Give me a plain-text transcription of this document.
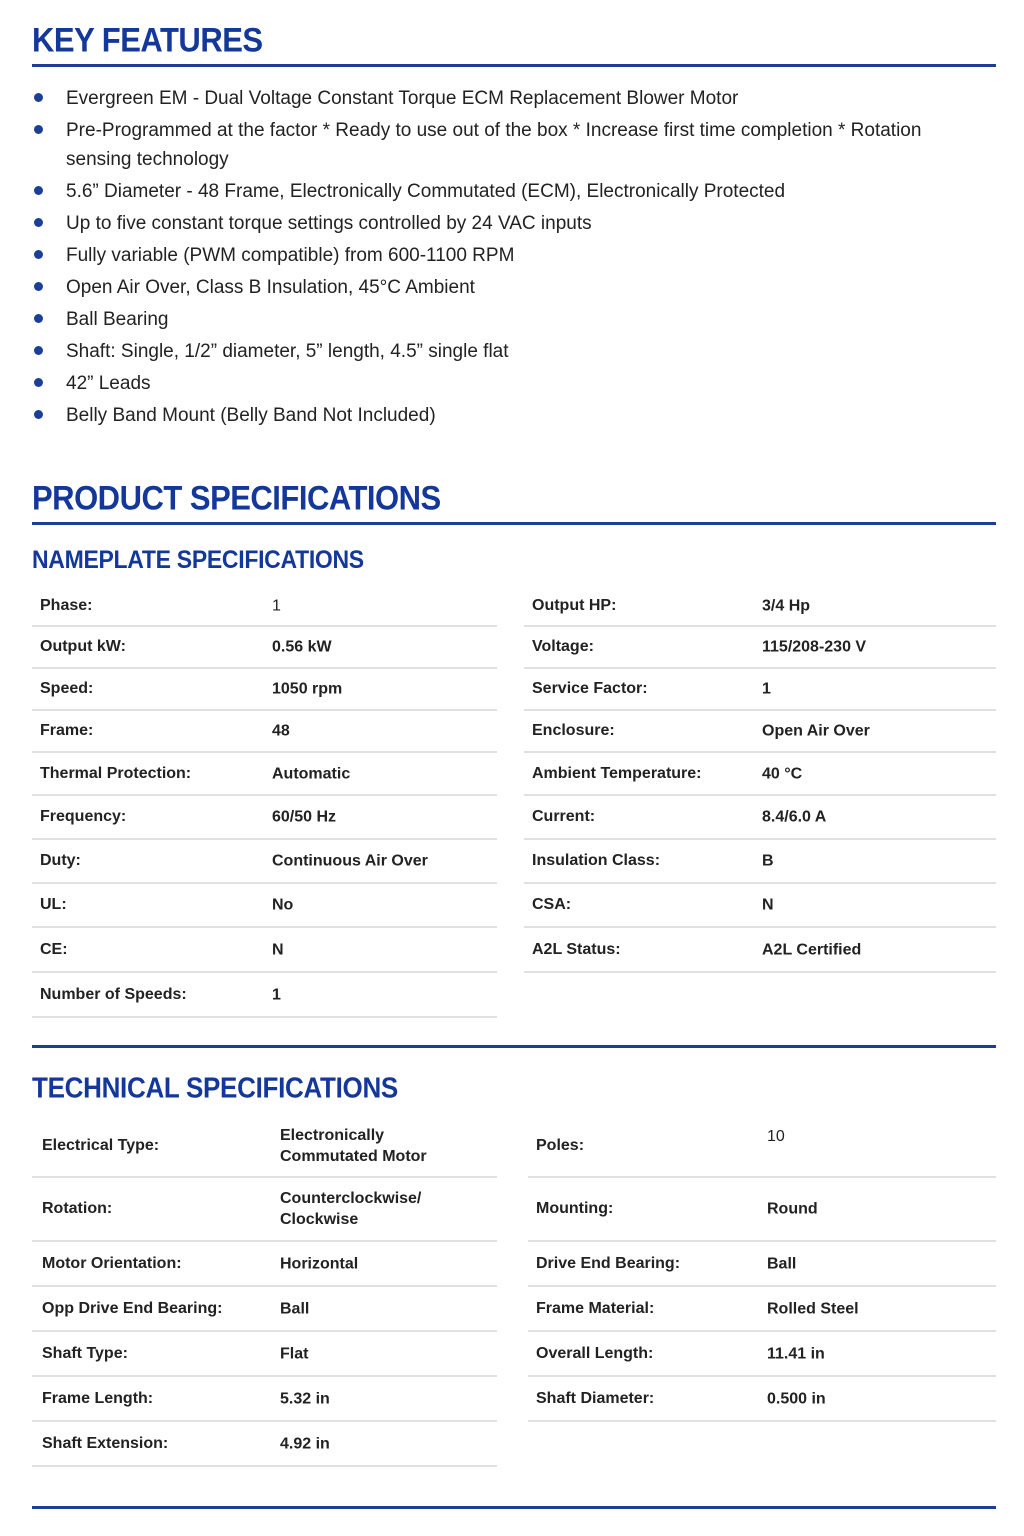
KEY FEATURES
Evergreen EM - Dual Voltage Constant Torque ECM Replacement Blower Motor
Pre-Programmed at the factor * Ready to use out of the box * Increase first time completion * Rotation sensing technology
5.6” Diameter - 48 Frame, Electronically Commutated (ECM), Electronically Protected
Up to five constant torque settings controlled by 24 VAC inputs
Fully variable (PWM compatible) from 600-1100 RPM
Open Air Over, Class B Insulation, 45°C Ambient
Ball Bearing
Shaft: Single, 1/2” diameter, 5” length, 4.5” single flat
42” Leads
Belly Band Mount (Belly Band Not Included)
PRODUCT SPECIFICATIONS
NAMEPLATE SPECIFICATIONS
Phase:	1
Output kW:	0.56 kW
Speed:	1050 rpm
Frame:	48
Thermal Protection:	Automatic
Frequency:	60/50 Hz
Duty:	Continuous Air Over
UL:	No
CE:	N
Number of Speeds:	1
Output HP:	3/4 Hp
Voltage:	115/208-230 V
Service Factor:	1
Enclosure:	Open Air Over
Ambient Temperature:	40 °C
Current:	8.4/6.0 A
Insulation Class:	B
CSA:	N
A2L Status:	A2L Certified
TECHNICAL SPECIFICATIONS
Electrical Type:
Electronically
Commutated Motor
Rotation:
Counterclockwise/
Clockwise
Motor Orientation:	Horizontal
Opp Drive End Bearing:	Ball
Shaft Type:	Flat
Frame Length:	5.32 in
Shaft Extension:	4.92 in
Poles:
10
Mounting:	Round
Drive End Bearing:	Ball
Frame Material:	Rolled Steel
Overall Length:	11.41 in
Shaft Diameter:	0.500 in
